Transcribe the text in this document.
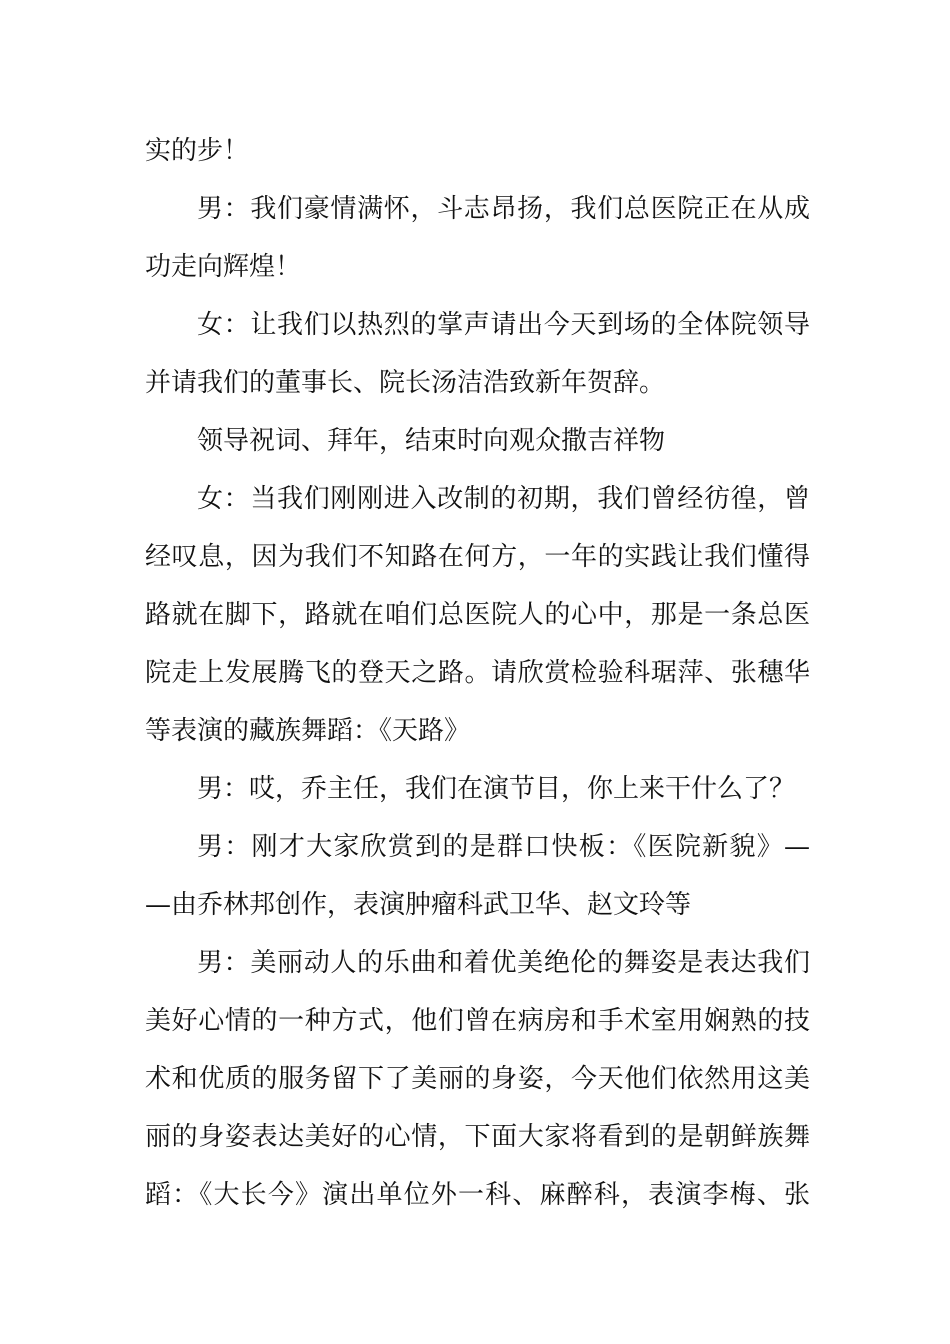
实的步！
男：我们豪情满怀，斗志昂扬，我们总医院正在从成
功走向辉煌！
女：让我们以热烈的掌声请出今天到场的全体院领导
并请我们的董事长、院长汤洁浩致新年贺辞。
领导祝词、拜年，结束时向观众撒吉祥物
女：当我们刚刚进入改制的初期，我们曾经彷徨，曾
经叹息，因为我们不知路在何方，一年的实践让我们懂得
路就在脚下，路就在咱们总医院人的心中，那是一条总医
院走上发展腾飞的登天之路。请欣赏检验科琚萍、张穗华
等表演的藏族舞蹈：《天路》
男：哎，乔主任，我们在演节目，你上来干什么了？
男：刚才大家欣赏到的是群口快板：《医院新貌》—
—由乔林邦创作，表演肿瘤科武卫华、赵文玲等
男：美丽动人的乐曲和着优美绝伦的舞姿是表达我们
美好心情的一种方式，他们曾在病房和手术室用娴熟的技
术和优质的服务留下了美丽的身姿，今天他们依然用这美
丽的身姿表达美好的心情，下面大家将看到的是朝鲜族舞
蹈：《大长今》演出单位外一科、麻醉科，表演李梅、张
